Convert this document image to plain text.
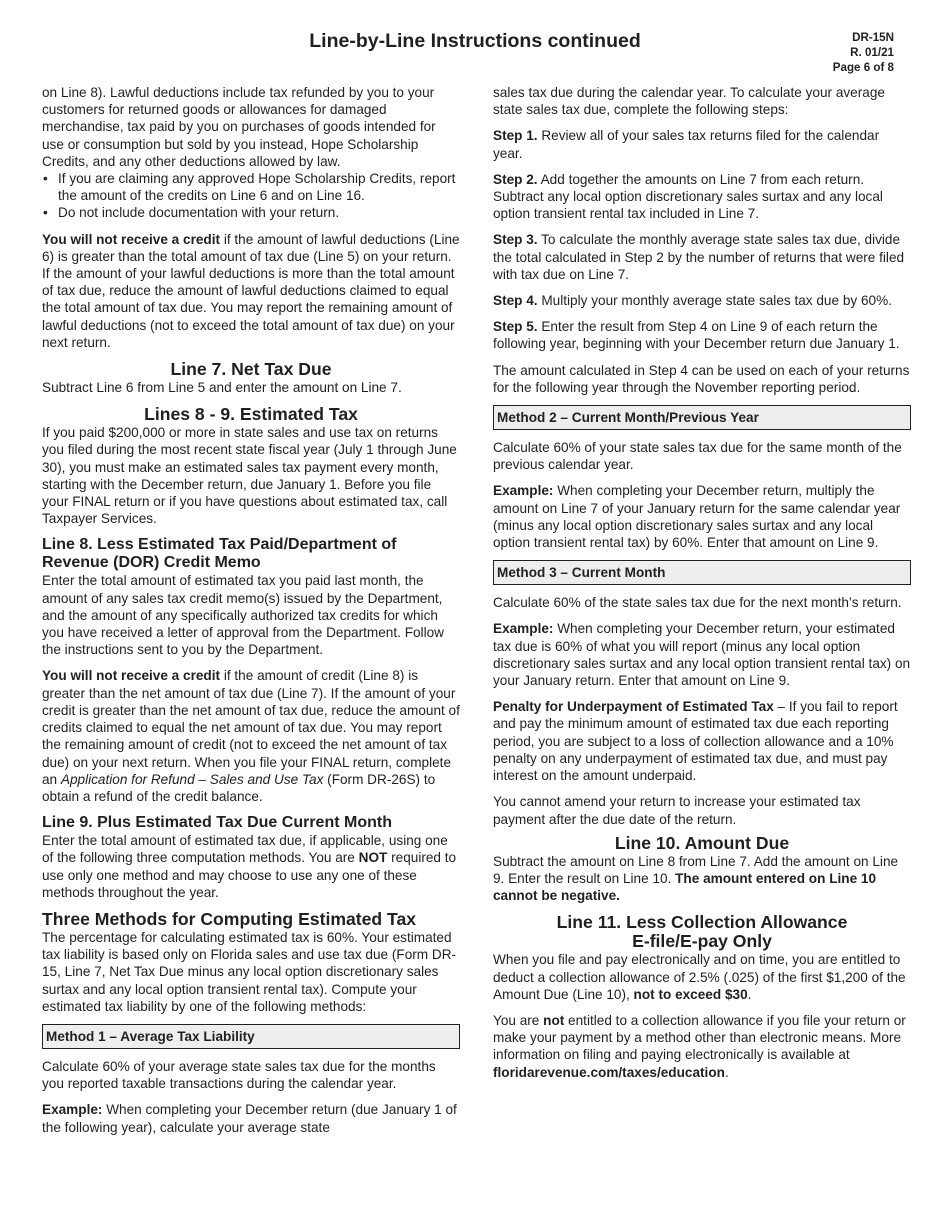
Line-by-Line Instructions continued	DR-15N
R. 01/21
Page 6 of 8

on Line 8). Lawful deductions include tax refunded by you to your customers for returned goods or allowances for damaged merchandise, tax paid by you on purchases of goods intended for use or consumption but sold by you instead, Hope Scholarship Credits, and any other deductions allowed by law.

• If you are claiming any approved Hope Scholarship Credits, report the amount of the credits on Line 6 and on Line 16.
• Do not include documentation with your return.

You will not receive a credit if the amount of lawful deductions (Line 6) is greater than the total amount of tax due (Line 5) on your return. If the amount of your lawful deductions is more than the total amount of tax due, reduce the amount of lawful deductions claimed to equal the total amount of tax due. You may report the remaining amount of lawful deductions (not to exceed the total amount of tax due) on your next return.

Line 7. Net Tax Due

Subtract Line 6 from Line 5 and enter the amount on Line 7.

Lines 8 - 9. Estimated Tax

If you paid $200,000 or more in state sales and use tax on returns you filed during the most recent state fiscal year (July 1 through June 30), you must make an estimated sales tax payment every month, starting with the December return, due January 1. Before you file your FINAL return or if you have questions about estimated tax, call Taxpayer Services.

Line 8. Less Estimated Tax Paid/Department of Revenue (DOR) Credit Memo

Enter the total amount of estimated tax you paid last month, the amount of any sales tax credit memo(s) issued by the Department, and the amount of any specifically authorized tax credits for which you have received a letter of approval from the Department. Follow the instructions sent to you by the Department.

You will not receive a credit if the amount of credit (Line 8) is greater than the net amount of tax due (Line 7). If the amount of your credit is greater than the net amount of tax due, reduce the amount of credits claimed to equal the net amount of tax due. You may report the remaining amount of credit (not to exceed the net amount of tax due) on your next return. When you file your FINAL return, complete an Application for Refund – Sales and Use Tax (Form DR-26S) to obtain a refund of the credit balance.

Line 9. Plus Estimated Tax Due Current Month

Enter the total amount of estimated tax due, if applicable, using one of the following three computation methods. You are NOT required to use only one method and may choose to use any one of these methods throughout the year.

Three Methods for Computing Estimated Tax

The percentage for calculating estimated tax is 60%. Your estimated tax liability is based only on Florida sales and use tax due (Form DR-15, Line 7, Net Tax Due minus any local option discretionary sales surtax and any local option transient rental tax). Compute your estimated tax liability by one of the following methods:

Method 1 – Average Tax Liability

Calculate 60% of your average state sales tax due for the months you reported taxable transactions during the calendar year.

Example: When completing your December return (due January 1 of the following year), calculate your average state

sales tax due during the calendar year. To calculate your average state sales tax due, complete the following steps:

Step 1. Review all of your sales tax returns filed for the calendar year.

Step 2. Add together the amounts on Line 7 from each return. Subtract any local option discretionary sales surtax and any local option transient rental tax included in Line 7.

Step 3. To calculate the monthly average state sales tax due, divide the total calculated in Step 2 by the number of returns that were filed with tax due on Line 7.

Step 4. Multiply your monthly average state sales tax due by 60%.

Step 5. Enter the result from Step 4 on Line 9 of each return the following year, beginning with your December return due January 1.

The amount calculated in Step 4 can be used on each of your returns for the following year through the November reporting period.

Method 2 – Current Month/Previous Year

Calculate 60% of your state sales tax due for the same month of the previous calendar year.

Example: When completing your December return, multiply the amount on Line 7 of your January return for the same calendar year (minus any local option discretionary sales surtax and any local option transient rental tax) by 60%. Enter that amount on Line 9.

Method 3 – Current Month

Calculate 60% of the state sales tax due for the next month’s return.

Example: When completing your December return, your estimated tax due is 60% of what you will report (minus any local option discretionary sales surtax and any local option transient rental tax) on your January return. Enter that amount on Line 9.

Penalty for Underpayment of Estimated Tax – If you fail to report and pay the minimum amount of estimated tax due each reporting period, you are subject to a loss of collection allowance and a 10% penalty on any underpayment of estimated tax due, and must pay interest on the amount underpaid.

You cannot amend your return to increase your estimated tax payment after the due date of the return.

Line 10. Amount Due

Subtract the amount on Line 8 from Line 7. Add the amount on Line 9. Enter the result on Line 10. The amount entered on Line 10 cannot be negative.

Line 11. Less Collection Allowance
E-file/E-pay Only

When you file and pay electronically and on time, you are entitled to deduct a collection allowance of 2.5% (.025) of the first $1,200 of the Amount Due (Line 10), not to exceed $30.

You are not entitled to a collection allowance if you file your return or make your payment by a method other than electronic means. More information on filing and paying electronically is available at floridarevenue.com/taxes/education.
